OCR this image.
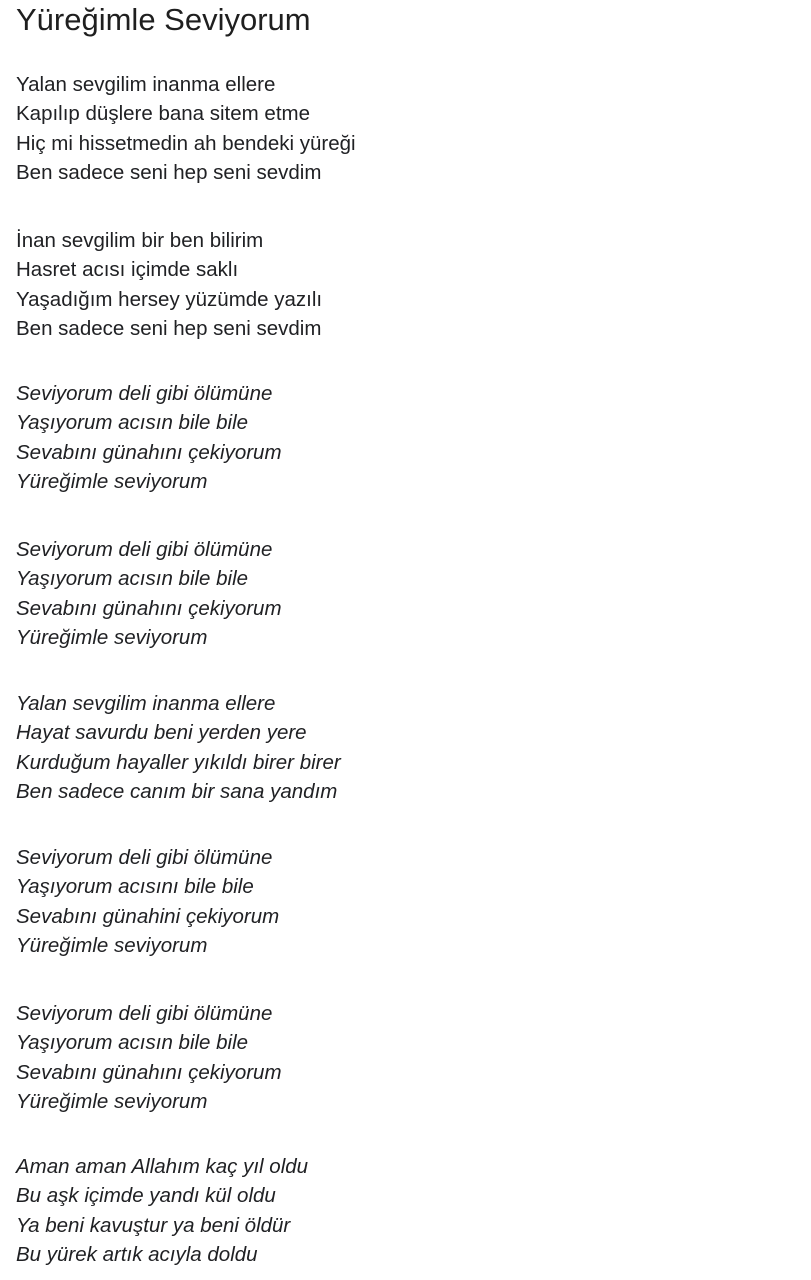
Yüreğimle Seviyorum
Yalan sevgilim inanma ellere
Kapılıp düşlere bana sitem etme
Hiç mi hissetmedin ah bendeki yüreği
Ben sadece seni hep seni sevdim
İnan sevgilim bir ben bilirim
Hasret acısı içimde saklı
Yaşadığım hersey yüzümde yazılı
Ben sadece seni hep seni sevdim
Seviyorum deli gibi ölümüne
Yaşıyorum acısın bile bile
Sevabını günahını çekiyorum
Yüreğimle seviyorum
Seviyorum deli gibi ölümüne
Yaşıyorum acısın bile bile
Sevabını günahını çekiyorum
Yüreğimle seviyorum
Yalan sevgilim inanma ellere
Hayat savurdu beni yerden yere
Kurduğum hayaller yıkıldı birer birer
Ben sadece canım bir sana yandım
Seviyorum deli gibi ölümüne
Yaşıyorum acısını bile bile
Sevabını günahini çekiyorum
Yüreğimle seviyorum
Seviyorum deli gibi ölümüne
Yaşıyorum acısın bile bile
Sevabını günahını çekiyorum
Yüreğimle seviyorum
Aman aman Allahım kaç yıl oldu
Bu aşk içimde yandı kül oldu
Ya beni kavuştur ya beni öldür
Bu yürek artık acıyla doldu
